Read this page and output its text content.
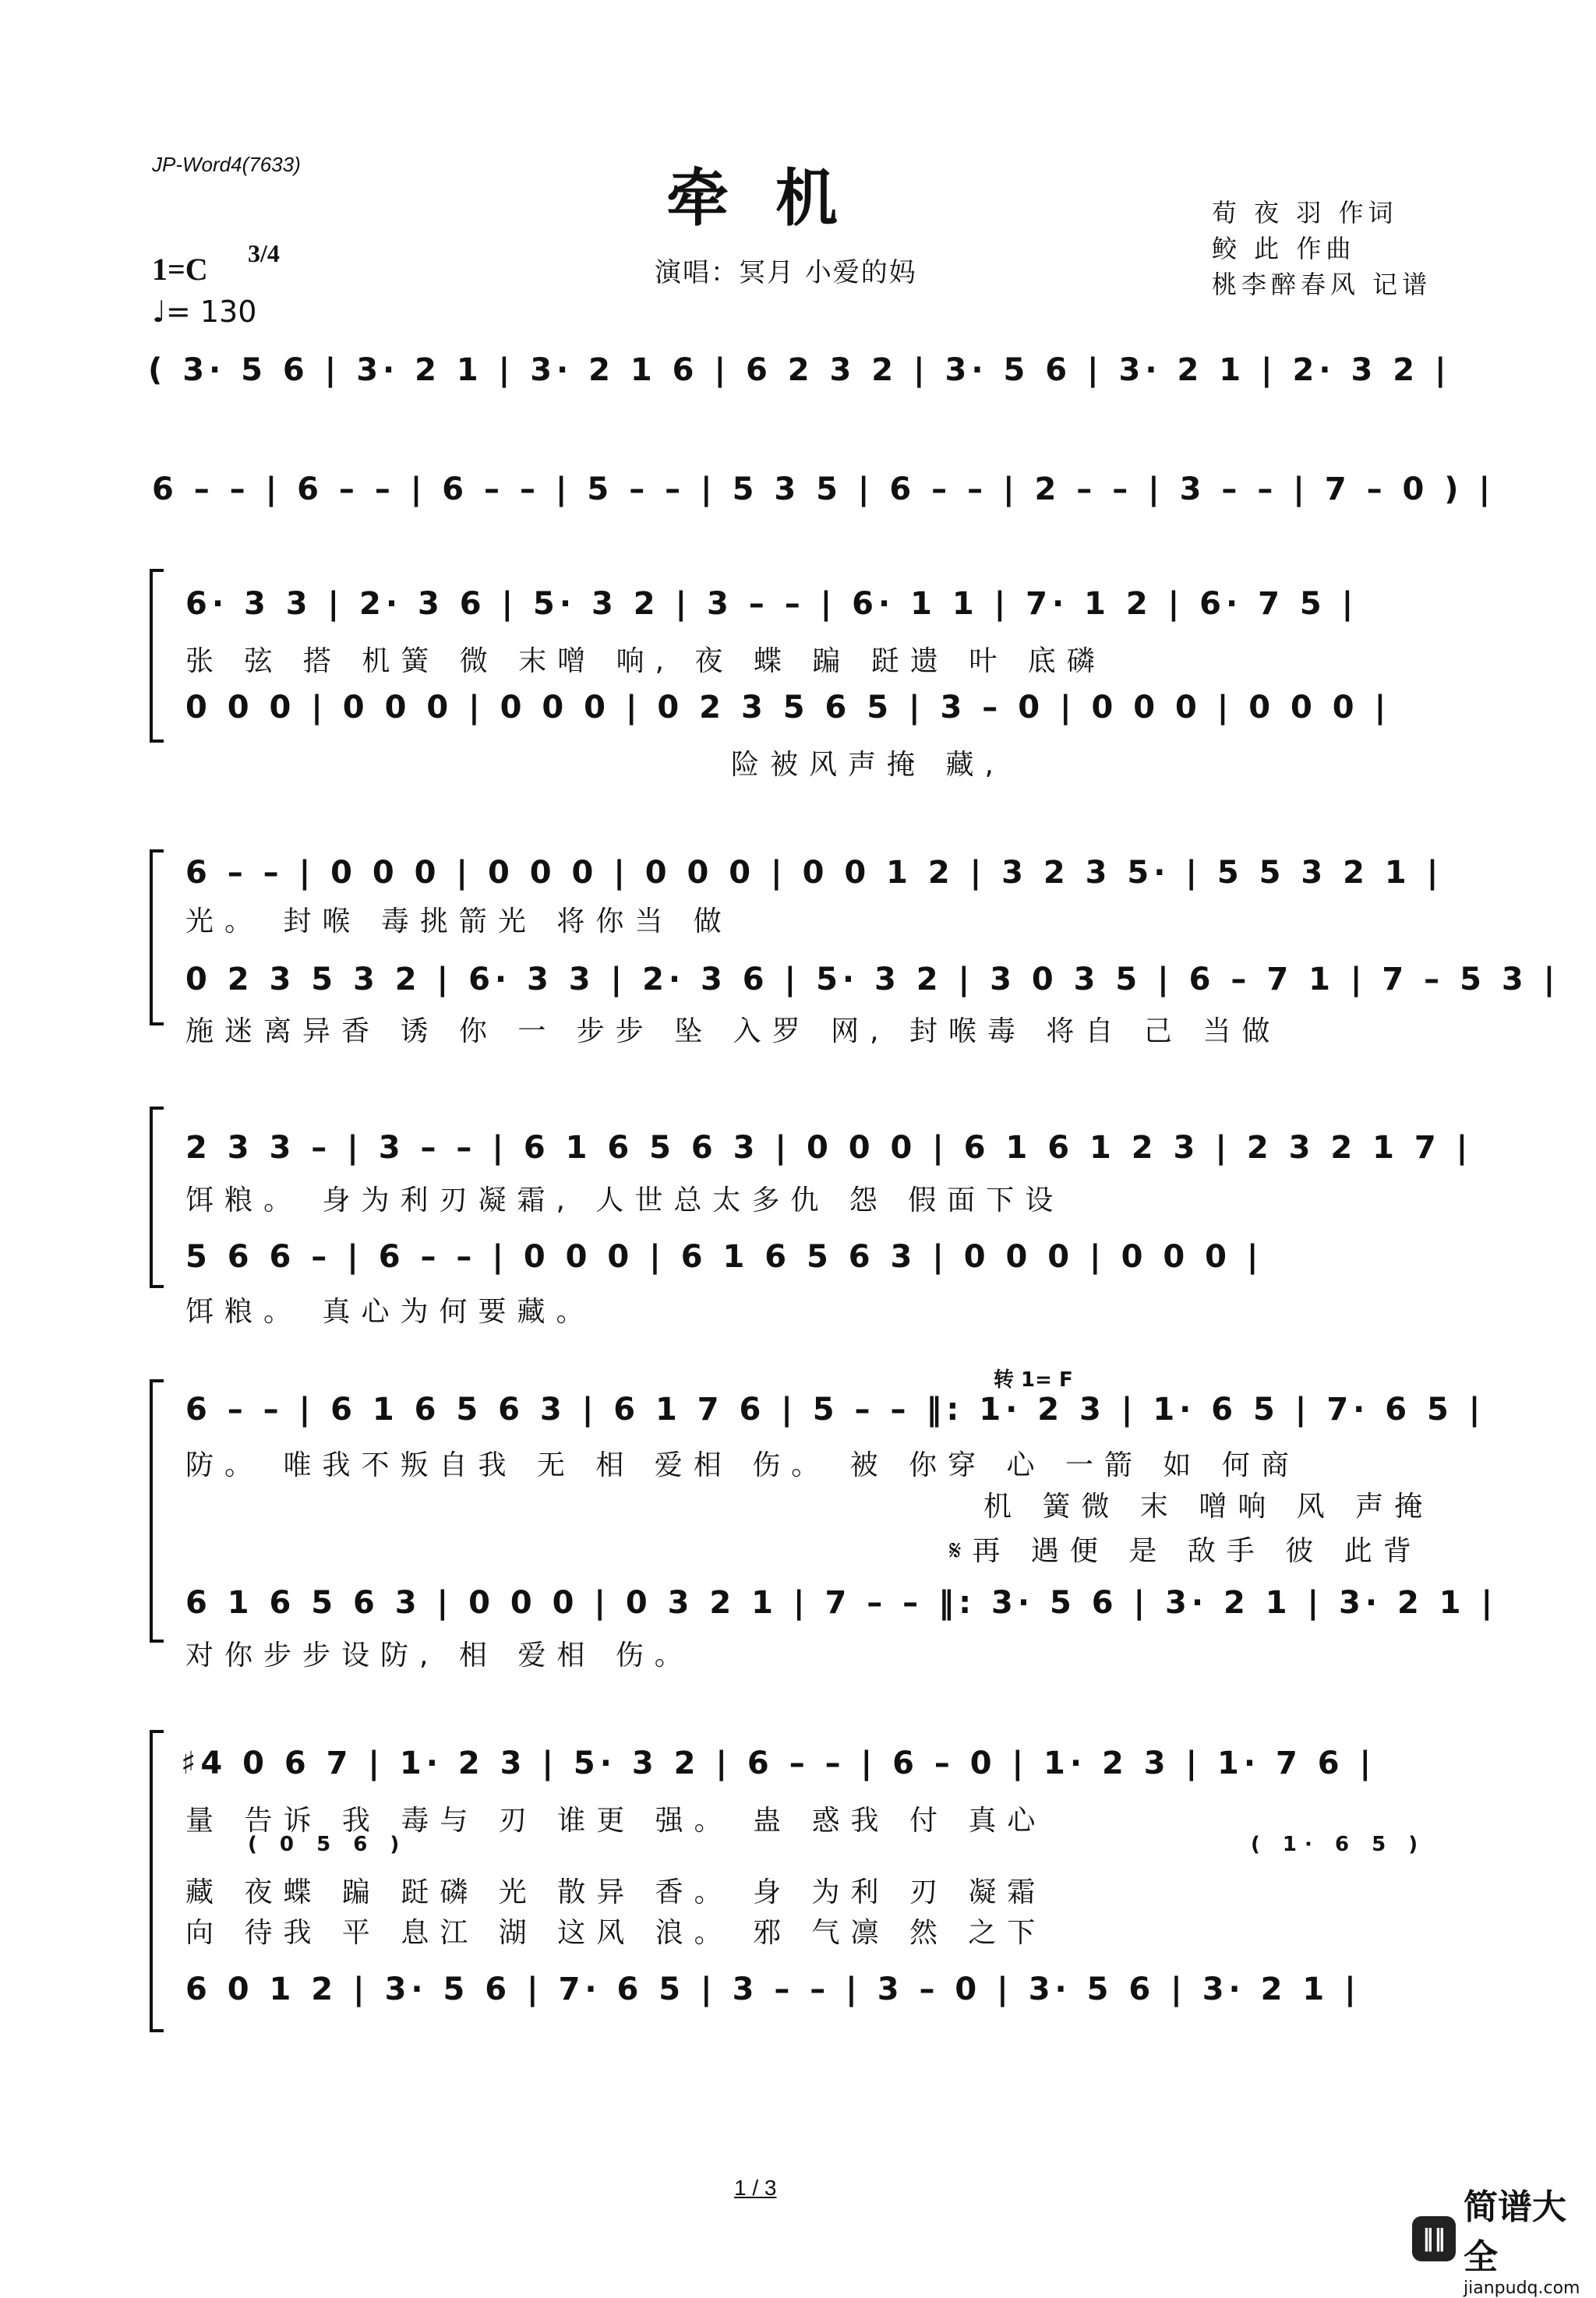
JP-Word4(7633)	牵机
演唱：冥月 小爱的妈
荀 夜 羽 作词
鲛 此 作曲
桃李醉春风 记谱
1=C 3/4
♩= 130
( 3· 5 6 | 3· 2 1 | 3· 2 1 6 | 6 2 3 2 | 3· 5 6 | 3· 2 1 | 2· 3 2 |
6 – – | 6 – – | 6 – – | 5 – – | 5 3 5 | 6 – – | 2 – – | 3 – – | 7 – 0 ) |
6· 3 3 | 2· 3 6 | 5· 3 2 | 3 – – | 6· 1 1 | 7· 1 2 | 6· 7 5 |
张 弦 搭 机簧 微 末噌 响, 夜 蝶 蹁 跹遗 叶 底磷
0 0 0 | 0 0 0 | 0 0 0 | 0 2 3 5 6 5 | 3 – 0 | 0 0 0 | 0 0 0 |
险被风声掩 藏,
6 – – | 0 0 0 | 0 0 0 | 0 0 0 | 0 0 1 2 | 3 2 3 5· | 5 5 3 2 1 |
光。 封喉 毒挑箭光 将你当 做
0 2 3 5 3 2 | 6· 3 3 | 2· 3 6 | 5· 3 2 | 3 0 3 5 | 6 – 7 1 | 7 – 5 3 |
施迷离异香 诱 你 一 步步 坠 入罗 网, 封喉毒 将自 己 当做
2 3 3 – | 3 – – | 6 1 6 5 6 3 | 0 0 0 | 6 1 6 1 2 3 | 2 3 2 1 7 |
饵粮。 身为利刃凝霜, 人世总太多仇 怨 假面下设
5 6 6 – | 6 – – | 0 0 0 | 6 1 6 5 6 3 | 0 0 0 | 0 0 0 |
饵粮。 真心为何要藏。
转 1= F
6 – – | 6 1 6 5 6 3 | 6 1 7 6 | 5 – – ‖: 1· 2 3 | 1· 6 5 | 7· 6 5 |
防。 唯我不叛自我 无 相 爱相 伤。 被 你穿 心 一箭 如 何商
机 簧微 末 噌响 风 声掩
𝄋再 遇便 是 敌手 彼 此背
6 1 6 5 6 3 | 0 0 0 | 0 3 2 1 | 7 – – ‖: 3· 5 6 | 3· 2 1 | 3· 2 1 |
对你步步设防, 相 爱相 伤。
♯4 0 6 7 | 1· 2 3 | 5· 3 2 | 6 – – | 6 – 0 | 1· 2 3 | 1· 7 6 |
量 告诉 我 毒与 刃 谁更 强。 蛊 惑我 付 真心
( 0 5 6 )	( 1· 6 5 )
藏 夜蝶 蹁 跹磷 光 散异 香。 身 为利 刃 凝霜
向 待我 平 息江 湖 这风 浪。 邪 气凛 然 之下
6 0 1 2 | 3· 5 6 | 7· 6 5 | 3 – – | 3 – 0 | 3· 5 6 | 3· 2 1 |
1 / 3
‖‖
简谱大全
jianpudq.com
